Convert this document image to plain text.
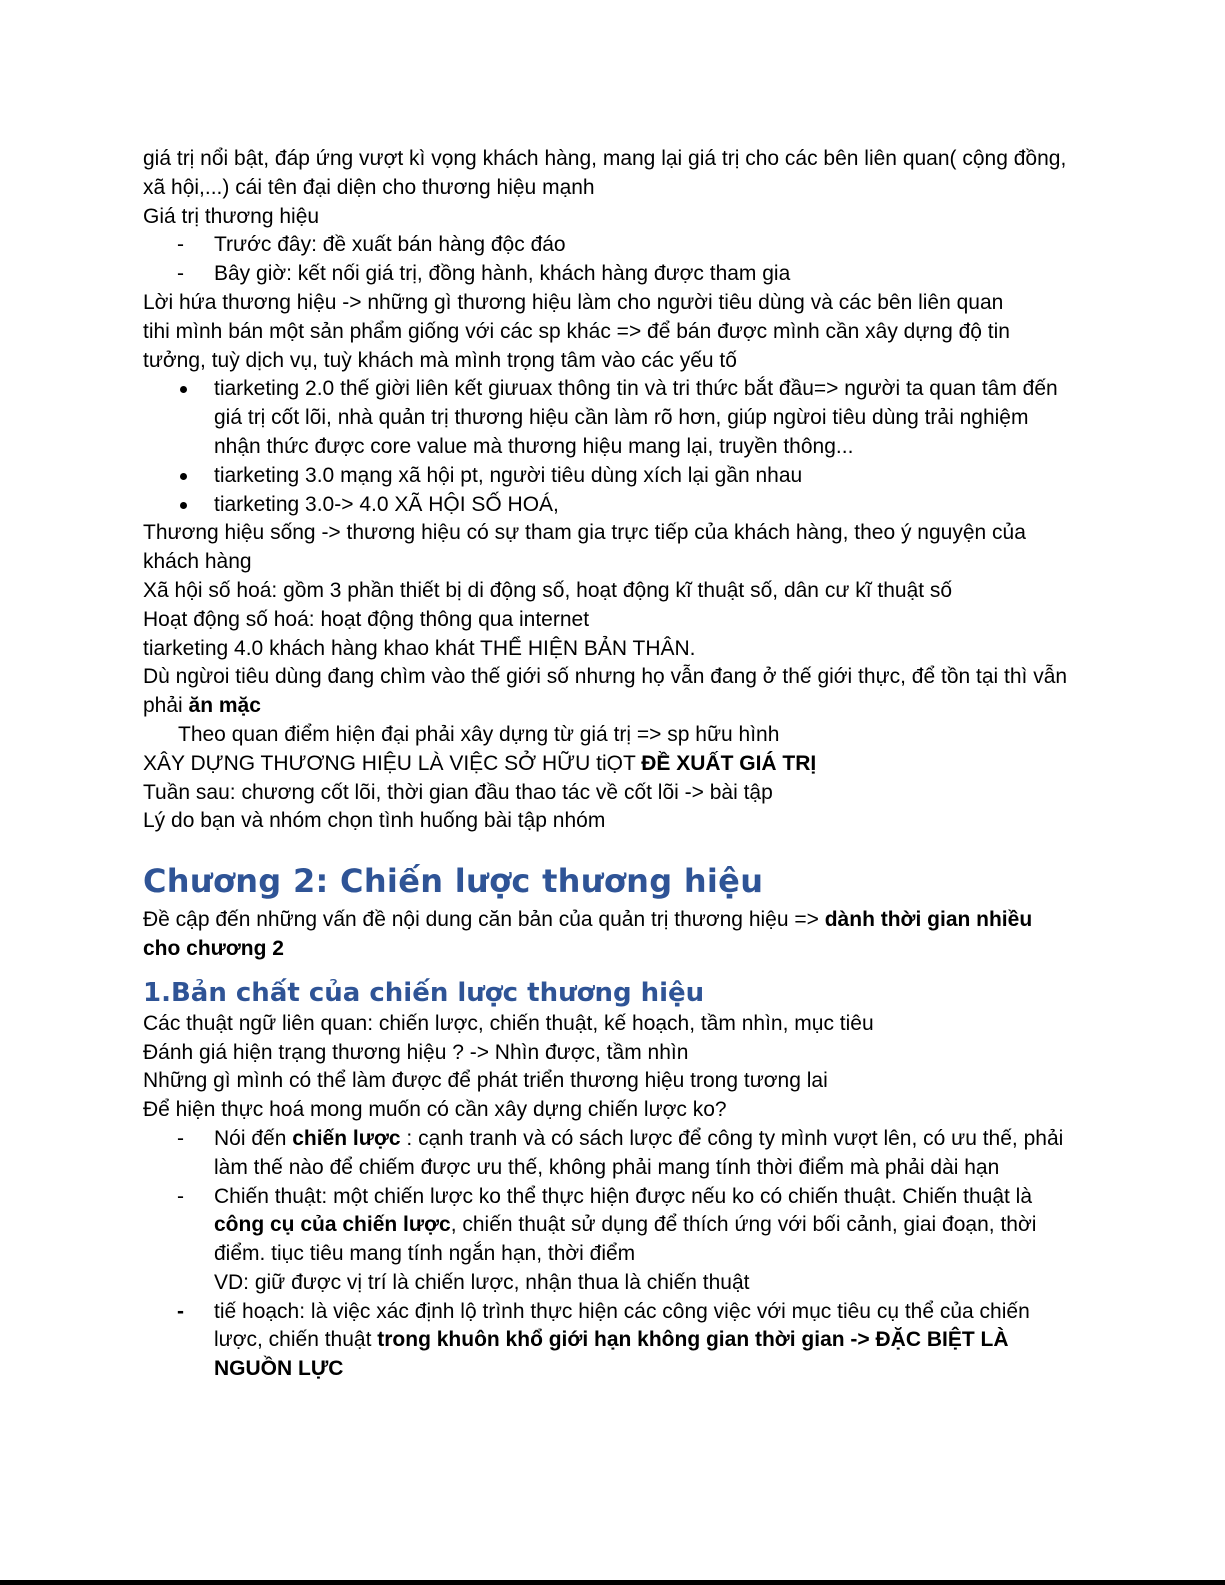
giá trị nổi bật, đáp ứng vượt kì vọng khách hàng, mang lại giá trị cho các bên liên quan( cộng đồng, xã hội,...) cái tên đại diện cho thương hiệu mạnh

Giá trị thương hiệu

-	Trước đây: đề xuất bán hàng độc đáo
-	Bây giờ: kết nối giá trị, đồng hành, khách hàng được tham gia

Lời hứa thương hiệu -> những gì thương hiệu làm cho người tiêu dùng và các bên liên quan

tihi mình bán một sản phẩm giống với các sp khác => để bán được mình cần xây dựng độ tin tưởng, tuỳ dịch vụ, tuỳ khách mà mình trọng tâm vào các yếu tố

tiarketing 2.0 thế giời liên kết giưuax thông tin và tri thức bắt đầu=> người ta quan tâm đến giá trị cốt lõi, nhà quản trị thương hiệu cần làm rõ hơn, giúp ngừoi tiêu dùng trải nghiệm nhận thức được core value mà thương hiệu mang lại, truyền thông...
tiarketing 3.0 mạng xã hội pt, người tiêu dùng xích lại gần nhau
tiarketing 3.0-> 4.0 XÃ HỘI SỐ HOÁ,

Thương hiệu sống -> thương hiệu có sự tham gia trực tiếp của khách hàng, theo ý nguyện của khách hàng

Xã hội số hoá: gồm 3 phần thiết bị di động số, hoạt động kĩ thuật số, dân cư kĩ thuật số

Hoạt động số hoá: hoạt động thông qua internet

tiarketing 4.0 khách hàng khao khát THỂ HIỆN BẢN THÂN.

Dù ngừoi tiêu dùng đang chìm vào thế giới số nhưng họ vẫn đang ở thế giới thực, để tồn tại thì vẫn phải ăn mặc

Theo quan điểm hiện đại phải xây dựng từ giá trị => sp hữu hình

XÂY DỰNG THƯƠNG HIỆU LÀ VIỆC SỞ HỮU tiỌT ĐỀ XUẤT GIÁ TRỊ

Tuần sau: chương cốt lõi, thời gian đầu thao tác về cốt lõi -> bài tập

Lý do bạn và nhóm chọn tình huống bài tập nhóm

Chương 2: Chiến lược thương hiệu

Đề cập đến những vấn đề nội dung căn bản của quản trị thương hiệu => dành thời gian nhiều cho chương 2

1.Bản chất của chiến lược thương hiệu

Các thuật ngữ liên quan: chiến lược, chiến thuật, kế hoạch, tầm nhìn, mục tiêu

Đánh giá hiện trạng thương hiệu ? -> Nhìn được, tầm nhìn

Những gì mình có thể làm được để phát triển thương hiệu trong tương lai

Để hiện thực hoá mong muốn có cần xây dựng chiến lược ko?

-	Nói đến chiến lược : cạnh tranh và có sách lược để công ty mình vượt lên, có ưu thế, phải làm thế nào để chiếm được ưu thế, không phải mang tính thời điểm mà phải dài hạn
-	Chiến thuật: một chiến lược ko thể thực hiện được nếu ko có chiến thuật. Chiến thuật là công cụ của chiến lược, chiến thuật sử dụng để thích ứng với bối cảnh, giai đoạn, thời điểm. tiục tiêu mang tính ngắn hạn, thời điểm
VD: giữ được vị trí là chiến lược, nhận thua là chiến thuật
-	tiế hoạch: là việc xác định lộ trình thực hiện các công việc với mục tiêu cụ thể của chiến lược, chiến thuật trong khuôn khổ giới hạn không gian thời gian -> ĐẶC BIỆT LÀ NGUỒN LỰC
